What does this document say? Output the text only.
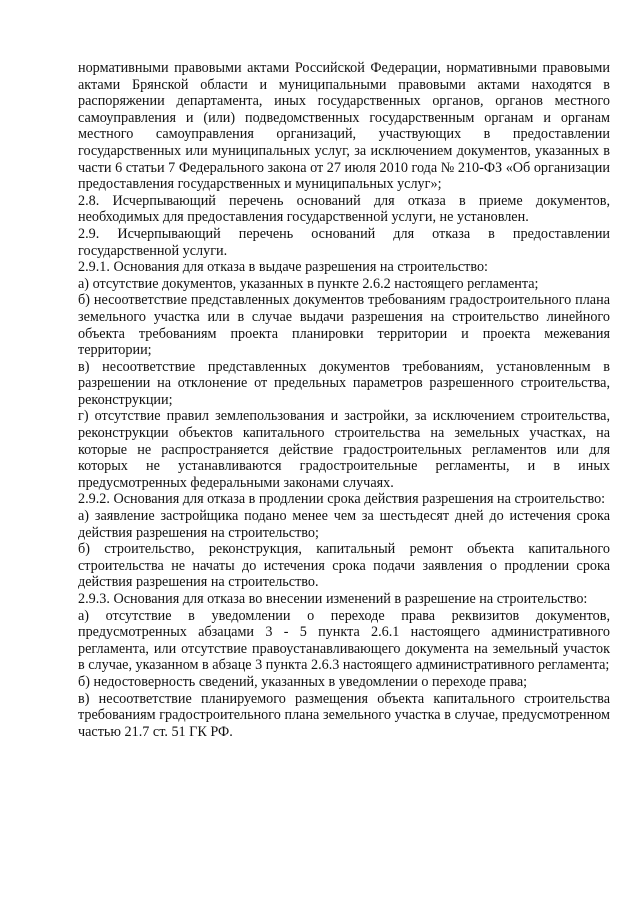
нормативными правовыми актами Российской Федерации, нормативными правовыми актами Брянской области и муниципальными правовыми актами находятся в распоряжении департамента, иных государственных органов, органов местного самоуправления и (или) подведомственных государственным органам и органам местного самоуправления организаций, участвующих в предоставлении государственных или муниципальных услуг, за исключением документов, указанных в части 6 статьи 7 Федерального закона от 27 июля 2010 года № 210-ФЗ «Об организации предоставления государственных и муниципальных услуг»;

2.8. Исчерпывающий перечень оснований для отказа в приеме документов, необходимых для предоставления государственной услуги, не установлен.

2.9. Исчерпывающий перечень оснований для отказа в предоставлении государственной услуги.

2.9.1. Основания для отказа в выдаче разрешения на строительство:

а) отсутствие документов, указанных в пункте 2.6.2 настоящего регламента;

б) несоответствие представленных документов требованиям градостроительного плана земельного участка или в случае выдачи разрешения на строительство линейного объекта требованиям проекта планировки территории и проекта межевания территории;

в) несоответствие представленных документов требованиям, установленным в разрешении на отклонение от предельных параметров разрешенного строительства, реконструкции;

г) отсутствие правил землепользования и застройки, за исключением строительства, реконструкции объектов капитального строительства на земельных участках, на которые не распространяется действие градостроительных регламентов или для которых не устанавливаются градостроительные регламенты, и в иных предусмотренных федеральными законами случаях.

2.9.2. Основания для отказа в продлении срока действия разрешения на строительство:

а) заявление застройщика подано менее чем за шестьдесят дней до истечения срока действия разрешения на строительство;

б) строительство, реконструкция, капитальный ремонт объекта капитального строительства не начаты до истечения срока подачи заявления о продлении срока действия разрешения на строительство.

2.9.3. Основания для отказа во внесении изменений в разрешение на строительство:

а) отсутствие в уведомлении о переходе права реквизитов документов, предусмотренных абзацами 3 - 5 пункта 2.6.1 настоящего административного регламента, или отсутствие правоустанавливающего документа на земельный участок в случае, указанном в абзаце 3 пункта 2.6.3 настоящего административного регламента;

б) недостоверность сведений, указанных в уведомлении о переходе права;

в) несоответствие планируемого размещения объекта капитального строительства требованиям градостроительного плана земельного участка в случае, предусмотренном частью 21.7 ст. 51 ГК РФ.
